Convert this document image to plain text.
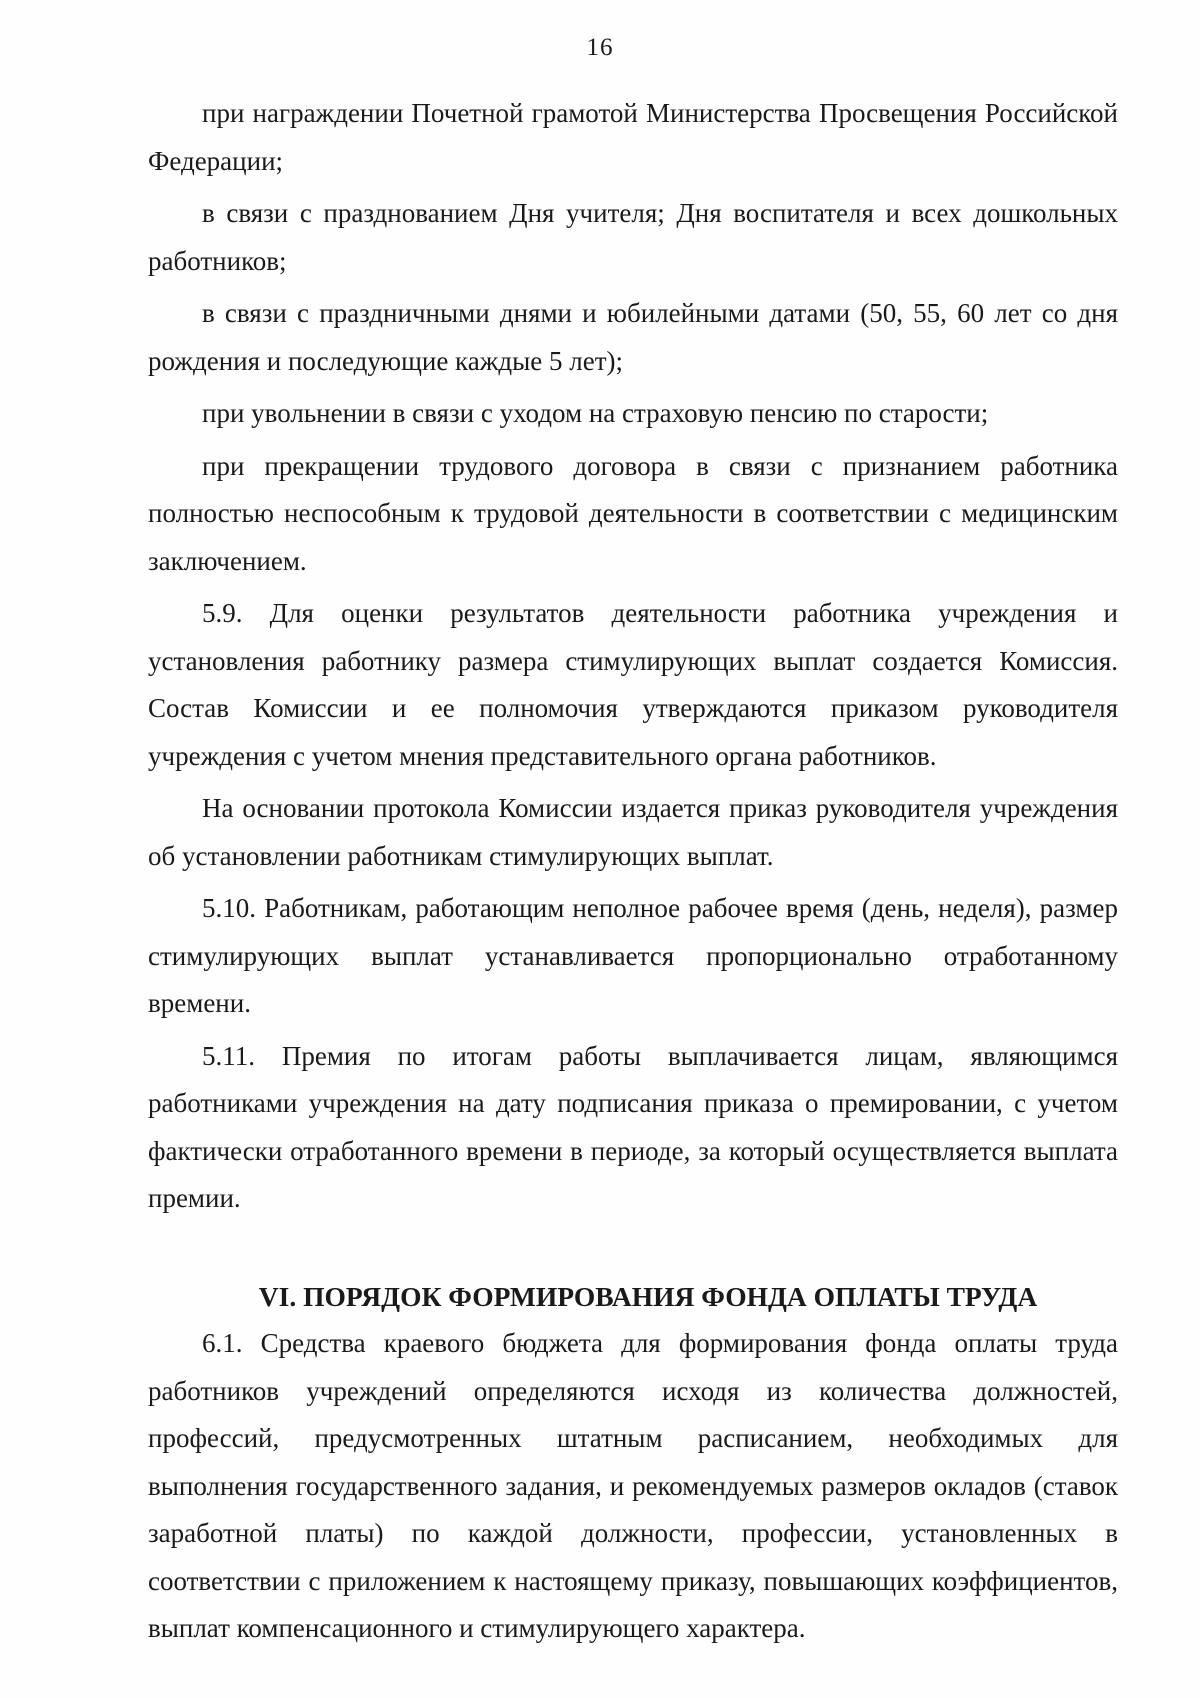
16

при награждении Почетной грамотой Министерства Просвещения Российской Федерации;

в связи с празднованием Дня учителя; Дня воспитателя и всех дошкольных работников;

в связи с праздничными днями и юбилейными датами (50, 55, 60 лет со дня рождения и последующие каждые 5 лет);

при увольнении в связи с уходом на страховую пенсию по старости;

при прекращении трудового договора в связи с признанием работника полностью неспособным к трудовой деятельности в соответствии с медицинским заключением.

5.9. Для оценки результатов деятельности работника учреждения и установления работнику размера стимулирующих выплат создается Комиссия. Состав Комиссии и ее полномочия утверждаются приказом руководителя учреждения с учетом мнения представительного органа работников.

На основании протокола Комиссии издается приказ руководителя учреждения об установлении работникам стимулирующих выплат.

5.10. Работникам, работающим неполное рабочее время (день, неделя), размер стимулирующих выплат устанавливается пропорционально отработанному времени.

5.11. Премия по итогам работы выплачивается лицам, являющимся работниками учреждения на дату подписания приказа о премировании, с учетом фактически отработанного времени в периоде, за который осуществляется выплата премии.

VI. ПОРЯДОК ФОРМИРОВАНИЯ ФОНДА ОПЛАТЫ ТРУДА

6.1. Средства краевого бюджета для формирования фонда оплаты труда работников учреждений определяются исходя из количества должностей, профессий, предусмотренных штатным расписанием, необходимых для выполнения государственного задания, и рекомендуемых размеров окладов (ставок заработной платы) по каждой должности, профессии, установленных в соответствии с приложением к настоящему приказу, повышающих коэффициентов, выплат компенсационного и стимулирующего характера.
